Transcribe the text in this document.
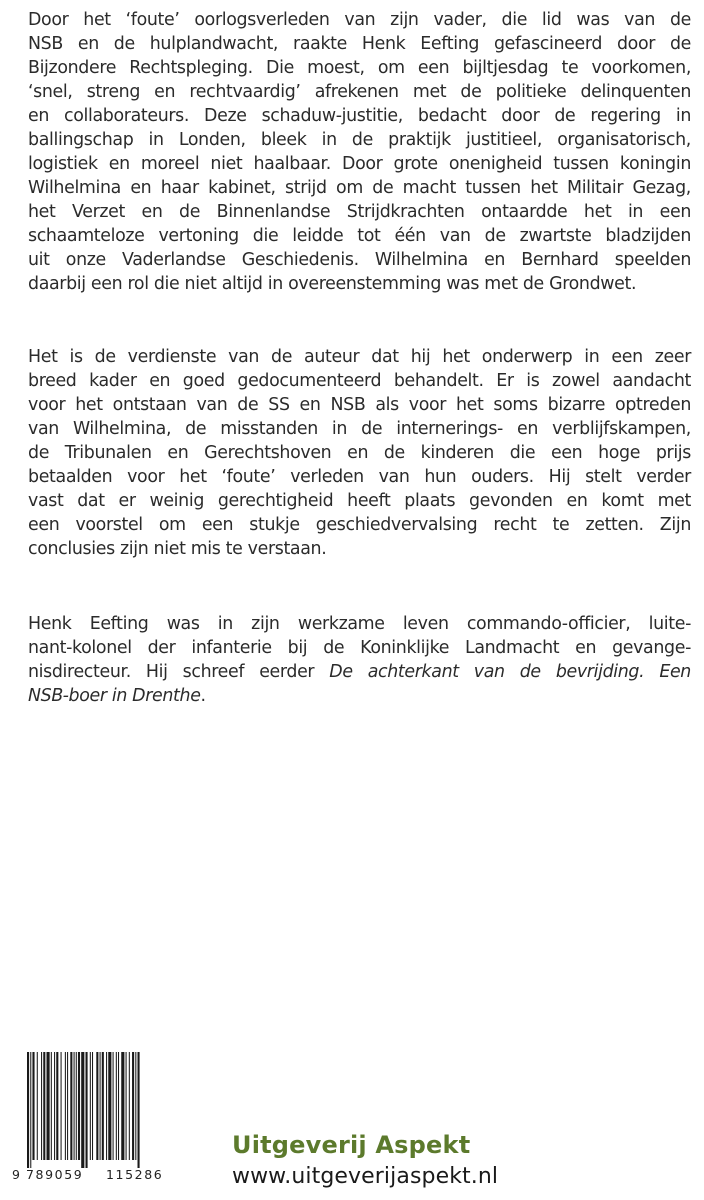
Door het ‘foute’ oorlogsverleden van zijn vader, die lid was van de
NSB en de hulplandwacht, raakte Henk Eefting gefascineerd door de
Bijzondere Rechtspleging. Die moest, om een bijltjesdag te voorkomen,
‘snel, streng en rechtvaardig’ afrekenen met de politieke delinquenten
en collaborateurs. Deze schaduw-justitie, bedacht door de regering in
ballingschap in Londen, bleek in de praktijk justitieel, organisatorisch,
logistiek en moreel niet haalbaar. Door grote onenigheid tussen koningin
Wilhelmina en haar kabinet, strijd om de macht tussen het Militair Gezag,
het Verzet en de Binnenlandse Strijdkrachten ontaardde het in een
schaamteloze vertoning die leidde tot één van de zwartste bladzijden
uit onze Vaderlandse Geschiedenis. Wilhelmina en Bernhard speelden
daarbij een rol die niet altijd in overeenstemming was met de Grondwet.
Het is de verdienste van de auteur dat hij het onderwerp in een zeer
breed kader en goed gedocumenteerd behandelt. Er is zowel aandacht
voor het ontstaan van de SS en NSB als voor het soms bizarre optreden
van Wilhelmina, de misstanden in de internerings- en verblijfskampen,
de Tribunalen en Gerechtshoven en de kinderen die een hoge prijs
betaalden voor het ‘foute’ verleden van hun ouders. Hij stelt verder
vast dat er weinig gerechtigheid heeft plaats gevonden en komt met
een voorstel om een stukje geschiedvervalsing recht te zetten. Zijn
conclusies zijn niet mis te verstaan.
Henk Eefting was in zijn werkzame leven commando-officier, luite-
nant-kolonel der infanterie bij de Koninklijke Landmacht en gevange-
nisdirecteur. Hij schreef eerder De achterkant van de bevrijding. Een
NSB-boer in Drenthe.
9 789059 115286
Uitgeverij Aspekt
www.uitgeverijaspekt.nl
